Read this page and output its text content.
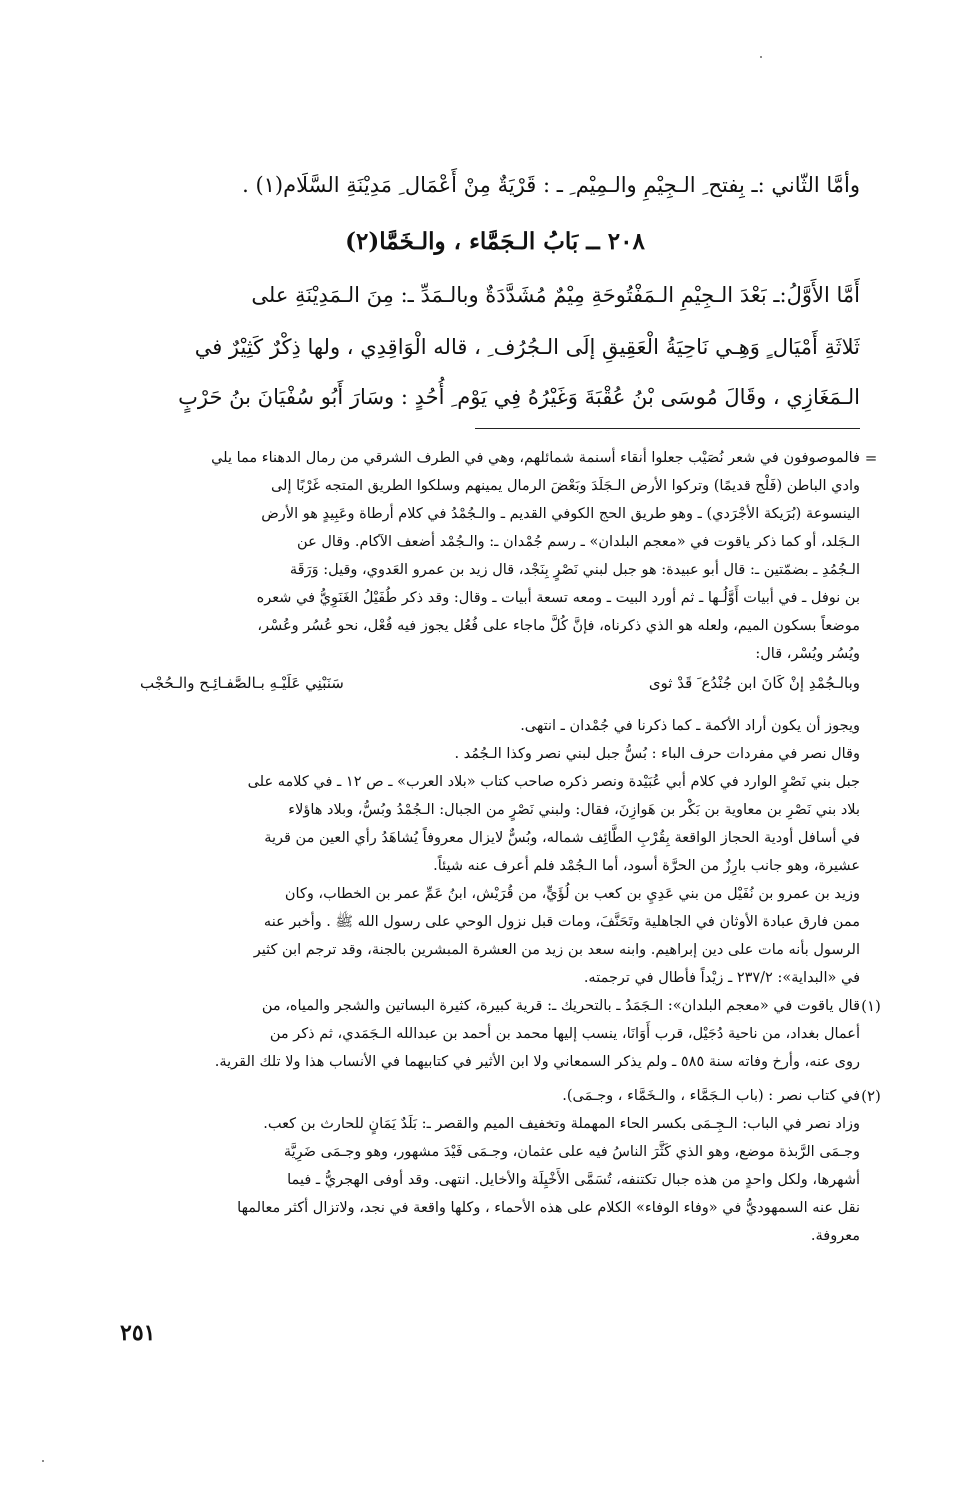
وأمَّا الثّاني :ـ بِفتح ِ الـجِيْمِ والـمِيْم ِ ـ : قَرْيَةٌ مِنْ أَعْمَال ِ مَدِيْنَةِ السَّلَام(١) .
٢٠٨ ــ بَابُ الـجَمَّاء ، والـخَمَّا(٢)
أَمَّا الأَوَّلُ:ـ بَعْدَ الـجِيْمِ الـمَفْتُوحَةِ مِيْمٌ مُشَدَّدَةٌ وبالـمَدِّ ـ: مِنَ الـمَدِيْنَةِ على
ثَلاثَةِ أَمْيَال ٍ وَهِـي نَاحِيَةُ الْعَقِيقِ إلَى الـجُرُف ِ ، قاله الْوَاقِدِي ، ولها ذِكْرٌ كَثِيْرٌ في
الـمَغَازِي ، وقَالَ مُوسَى بْنُ عُقْبَةَ وَغَيْرُهُ فِي يَوْم ِ أُحُدٍ : وسَارَ أَبُو سُفْيَانَ بنُ حَرْبٍ
=
فالموصوفون في شعر نُصَيْب جعلوا أنقاء أسنمة شمائلهم، وهي في الطرف الشرقي من رمال الدهناء مما يلي
وادي الباطن (فَلْج قديمًا) وتركوا الأرض الـجَلَدَ وبَعْضَ الرمال يمينهم وسلكوا الطريق المتجه غَرْبًا إلى
الينسوعة (بُرَيكة الأجْرَدي) ـ وهو طريق الحج الكوفي القديم ـ والـجُمْدُ في كلام أرطاة وعَبِيدٍ هو الأرض
الـجَلد، أو كما ذكر ياقوت في «معجم البلدان» ـ رسم جُمْدان ـ: والـجُمْد أضعف الآكام. وقال عن
الـجُمُدِ ـ بضمّتين ـ: قال أبو عبيدة: هو جبل لبني نَصْرٍ بِنَجْد، قال زيد بن عمرو العَدوي، وقيل: وَرَقَة
بن نوفل ـ في أبيات أَوَّلُـها ـ ثم أورد البيت ـ ومعه تسعة أبيات ـ وقال: وقد ذكر طُفَيْلُ الغَنَوِيُّ في شعره
موضعاً بسكون الميم، ولعله هو الذي ذكرناه، فإنَّ كُلَّ ماجاء على فُعُل يجوز فيه فُعْل، نحو عُسُر وعُسْر،
ويُسُر ويُسْر، قال:
وبالـجُمْدِ إنْ كَانَ ابن جُنْدُع َ قَدْ ثوى
سَنَبْنِي عَلَيْـهِ بـالصَّفـائِـح والـحُجْب
ويجوز أن يكون أراد الأكمة ـ كما ذكرنا في جُمْدان ـ انتهى.
وقال نصر في مفردات حرف الباء : بُسُّ جبل لبني نصر وكذا الـجُمُد .
جبل بني نَصْرٍ الوارد في كلام أبي عُبَيْدة ونصر ذكره صاحب كتاب «بلاد العرب» ـ ص ١٢ ـ في كلامه على
بلاد بني نَصْرِ بن معاوية بن بَكْر بن هَوازِنَ، فقال: ولبني نَصْرٍ من الجبال: الـجُمْدُ وبُسُّ، وبلاد هاؤلاء
في أسافل أودية الحجاز الواقعة بِقُرْبِ الطَّائِف شماله، وبُسٌّ لايزال معروفاً يُشاهَدُ رأي العين من قرية
عشيرة، وهو جانب بارِزٌ من الحرَّة أسود، أما الـجُمْد فلم أعرف عنه شيئاً.
وزيد بن عمرو بن نُفَيْل من بني عَدِيِ بن كعب بن لُؤَيٍّ، من قُرَيْش، ابنُ عَمِّ عمر بن الخطاب، وكان
ممن فارق عبادة الأوثان في الجاهلية وتَحَنَّفَ، ومات قبل نزول الوحي على رسول الله ﷺ . وأخبر عنه
الرسول بأنه مات على دين إبراهيم. وابنه سعد بن زيد من العشرة المبشرين بالجنة، وقد ترجم ابن كثير
في «البداية»: ٢٣٧/٢ ـ زيْداً فأطال في ترجمته.
(١)
قال ياقوت في «معجم البلدان»: الـجَمَدُ ـ بالتحريك ـ: قرية كبيرة، كثيرة البساتين والشجر والمياه، من
أعمال بغداد، من ناحية دُجَيْل، قرب أَوَانَا، ينسب إليها محمد بن أحمد بن عبدالله الـجَمَدي، ثم ذكر من
روى عنه، وأرخ وفاته سنة ٥٨٥ ـ ولم يذكر السمعاني ولا ابن الأثير في كتابيهما في الأنساب هذا ولا تلك القرية.
(٢)
في كتاب نصر : (باب الـجَمَّاء ، والـخَمَّاء ، وجـمَى).
وزاد نصر في الباب: الـجِـمَى بكسر الحاء المهملة وتخفيف الميم والقصر ـ: بَلَدٌ يَمَانٍ للحارث بن كعب.
وجـمَى الرَّبذة موضع، وهو الذي كَثَّرَ الناسُ فيه على عثمان، وجـمَى فَيْدَ مشهور، وهو وجـمَى ضَرِيَّة
أشهرها، ولكل واحدٍ من هذه جبال تكتنفه، تُسَمَّى الأَخْيِلَة والأخايل. انتهى. وقد أوفى الهجريُّ ـ فيما
نقل عنه السمهوديُّ في «وفاء الوفاء» الكلام على هذه الأحماء ، وكلها واقعة في نجد، ولاتزال أكثر معالمها
معروفة.
٢٥١
